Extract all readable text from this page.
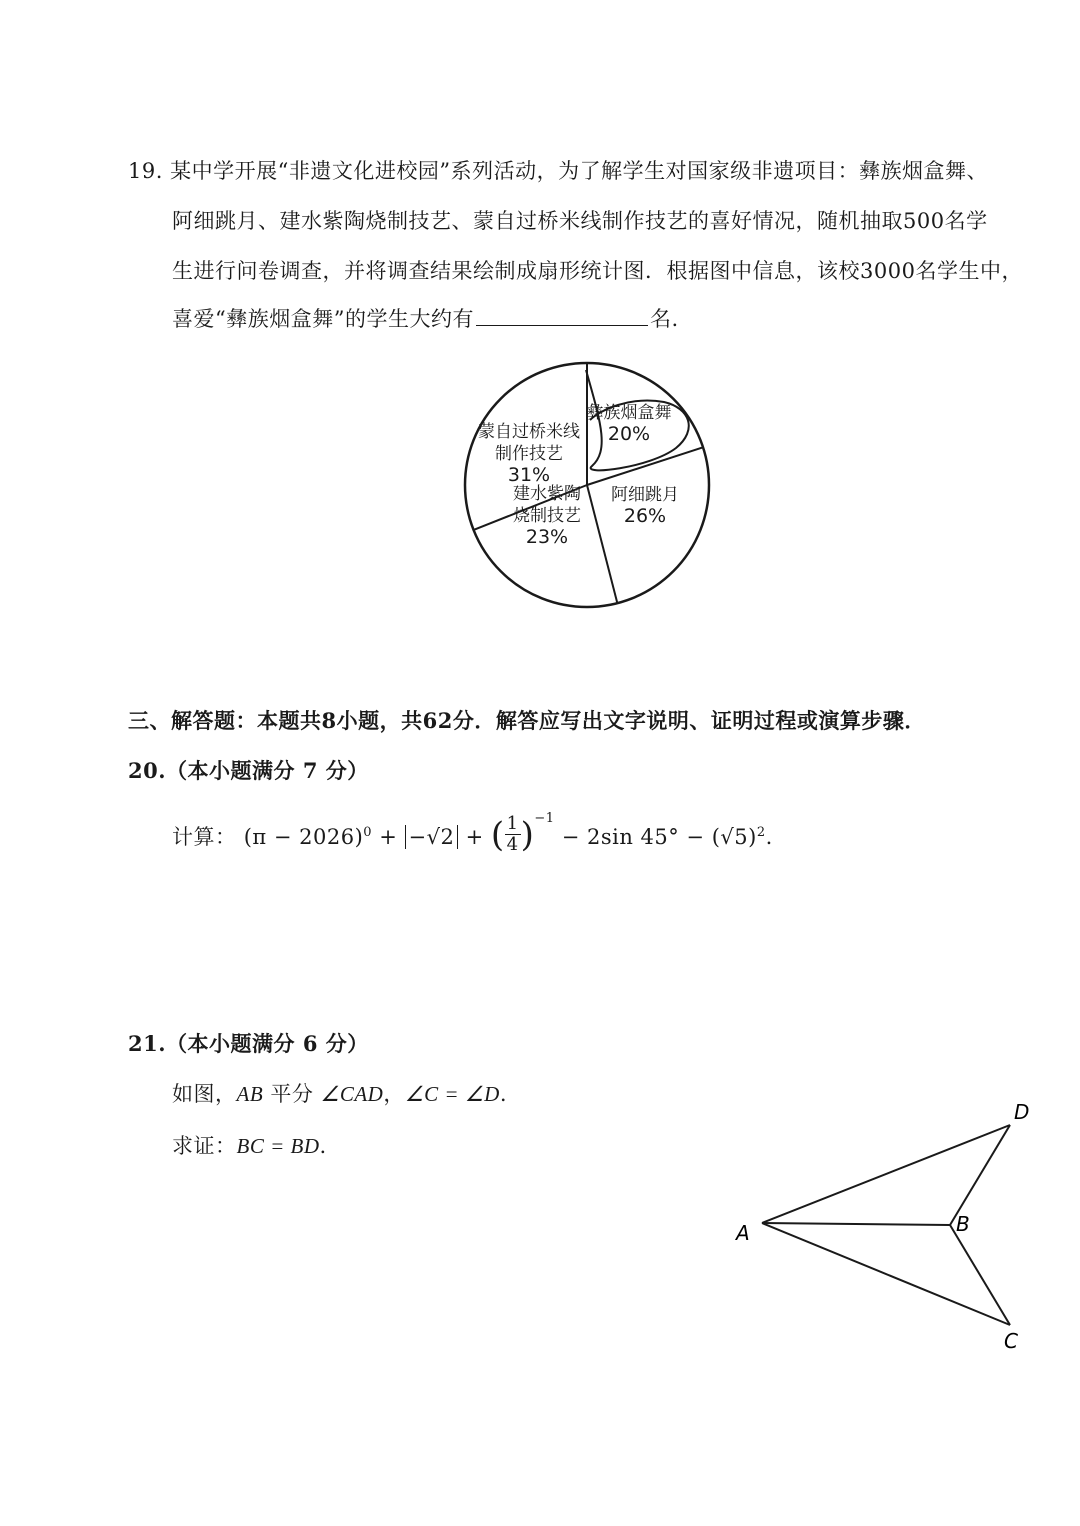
19. 某中学开展“非遗文化进校园”系列活动，为了解学生对国家级非遗项目：彝族烟盒舞、
阿细跳月、建水紫陶烧制技艺、蒙自过桥米线制作技艺的喜好情况，随机抽取500名学
生进行问卷调查，并将调查结果绘制成扇形统计图．根据图中信息，该校3000名学生中，
喜爱“彝族烟盒舞”的学生大约有	名.
彝族烟盒舞
20%
阿细跳月
26%
建水紫陶
烧制技艺
23%
蒙自过桥米线
制作技艺
31%
三、解答题：本题共8小题，共62分．解答应写出文字说明、证明过程或演算步骤．
20.（本小题满分 7 分）
计算： $(\pi - 2026)^0 + -√2$ + ( $\frac{1}{4} )^{-1} - 2\sin$ $45^\circ - (√5)^2$.
21.（本小题满分 6 分）
如图，AB 平分 ∠CAD，∠C = ∠D.
求证：BC = BD.
A	B
C
D
